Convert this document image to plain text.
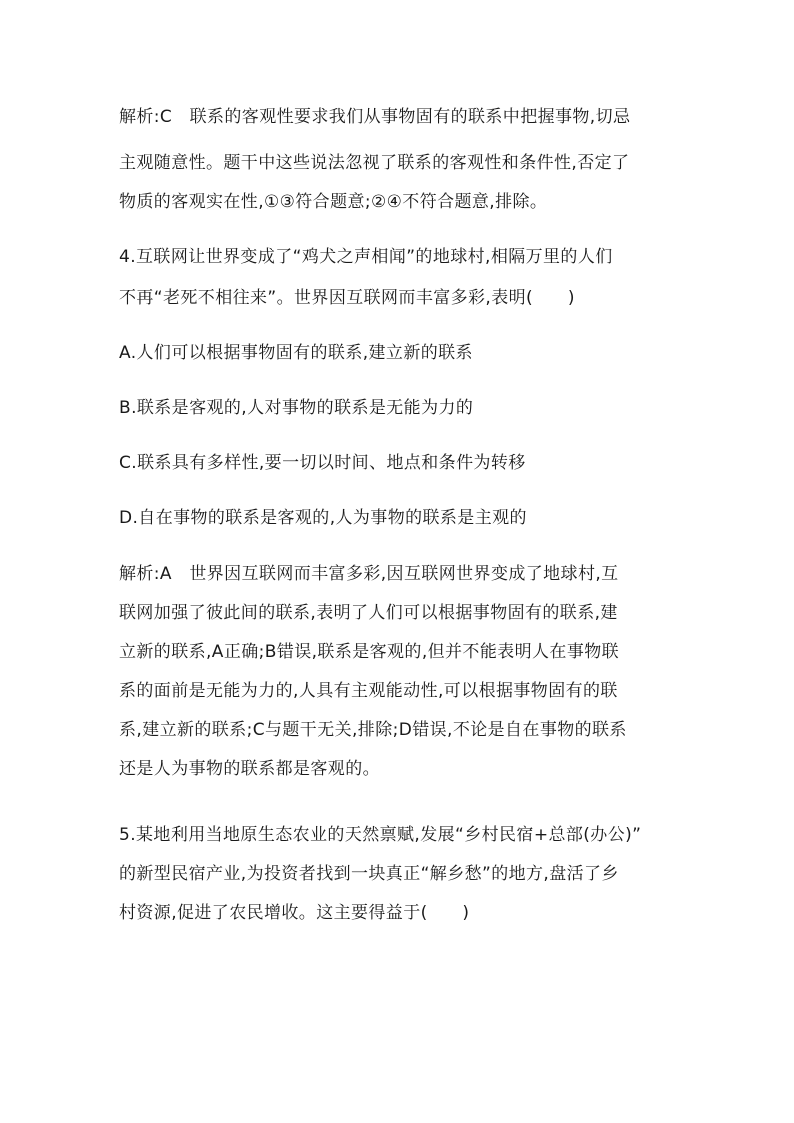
解析:C　联系的客观性要求我们从事物固有的联系中把握事物,切忌
主观随意性。题干中这些说法忽视了联系的客观性和条件性,否定了
物质的客观实在性,①③符合题意;②④不符合题意,排除。
4.互联网让世界变成了“鸡犬之声相闻”的地球村,相隔万里的人们
不再“老死不相往来”。世界因互联网而丰富多彩,表明(　　)
A.人们可以根据事物固有的联系,建立新的联系
B.联系是客观的,人对事物的联系是无能为力的
C.联系具有多样性,要一切以时间、地点和条件为转移
D.自在事物的联系是客观的,人为事物的联系是主观的
解析:A　世界因互联网而丰富多彩,因互联网世界变成了地球村,互
联网加强了彼此间的联系,表明了人们可以根据事物固有的联系,建
立新的联系,A正确;B错误,联系是客观的,但并不能表明人在事物联
系的面前是无能为力的,人具有主观能动性,可以根据事物固有的联
系,建立新的联系;C与题干无关,排除;D错误,不论是自在事物的联系
还是人为事物的联系都是客观的。
5.某地利用当地原生态农业的天然禀赋,发展“乡村民宿+总部(办公)”
的新型民宿产业,为投资者找到一块真正“解乡愁”的地方,盘活了乡
村资源,促进了农民增收。这主要得益于(　　)
